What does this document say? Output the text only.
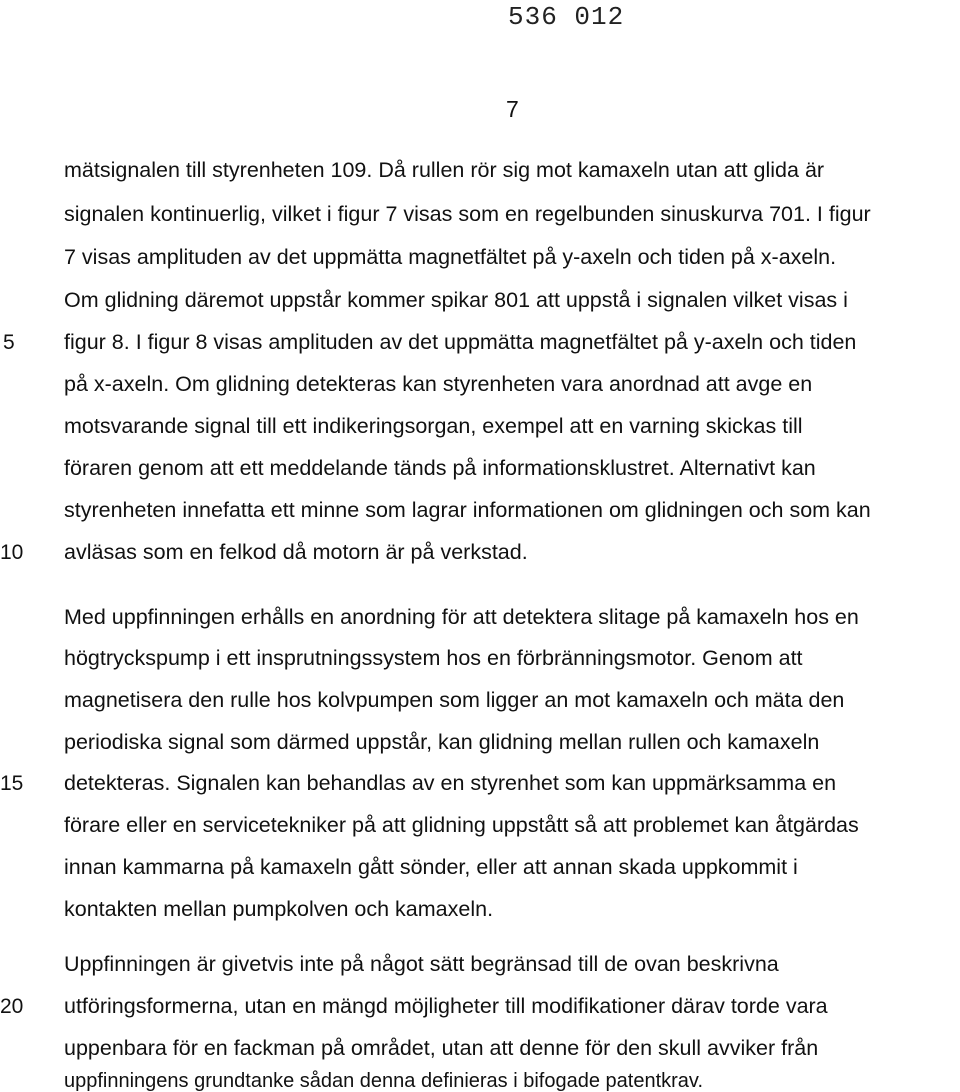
536 012
7
mätsignalen till styrenheten 109. Då rullen rör sig mot kamaxeln utan att glida är
signalen kontinuerlig, vilket i figur 7 visas som en regelbunden sinuskurva 701. I figur
7 visas amplituden av det uppmätta magnetfältet på y-axeln och tiden på x-axeln.
Om glidning däremot uppstår kommer spikar 801 att uppstå i signalen vilket visas i
5 figur 8. I figur 8 visas amplituden av det uppmätta magnetfältet på y-axeln och tiden
på x-axeln. Om glidning detekteras kan styrenheten vara anordnad att avge en
motsvarande signal till ett indikeringsorgan, exempel att en varning skickas till
föraren genom att ett meddelande tänds på informationsklustret. Alternativt kan
styrenheten innefatta ett minne som lagrar informationen om glidningen och som kan
10 avläsas som en felkod då motorn är på verkstad.
Med uppfinningen erhålls en anordning för att detektera slitage på kamaxeln hos en
högtryckspump i ett insprutningssystem hos en förbränningsmotor. Genom att
magnetisera den rulle hos kolvpumpen som ligger an mot kamaxeln och mäta den
periodiska signal som därmed uppstår, kan glidning mellan rullen och kamaxeln
15 detekteras. Signalen kan behandlas av en styrenhet som kan uppmärksamma en
förare eller en servicetekniker på att glidning uppstått så att problemet kan åtgärdas
innan kammarna på kamaxeln gått sönder, eller att annan skada uppkommit i
kontakten mellan pumpkolven och kamaxeln.
Uppfinningen är givetvis inte på något sätt begränsad till de ovan beskrivna
20 utföringsformerna, utan en mängd möjligheter till modifikationer därav torde vara
uppenbara för en fackman på området, utan att denne för den skull avviker från
uppfinningens grundtanke sådan denna definieras i bifogade patentkrav.
